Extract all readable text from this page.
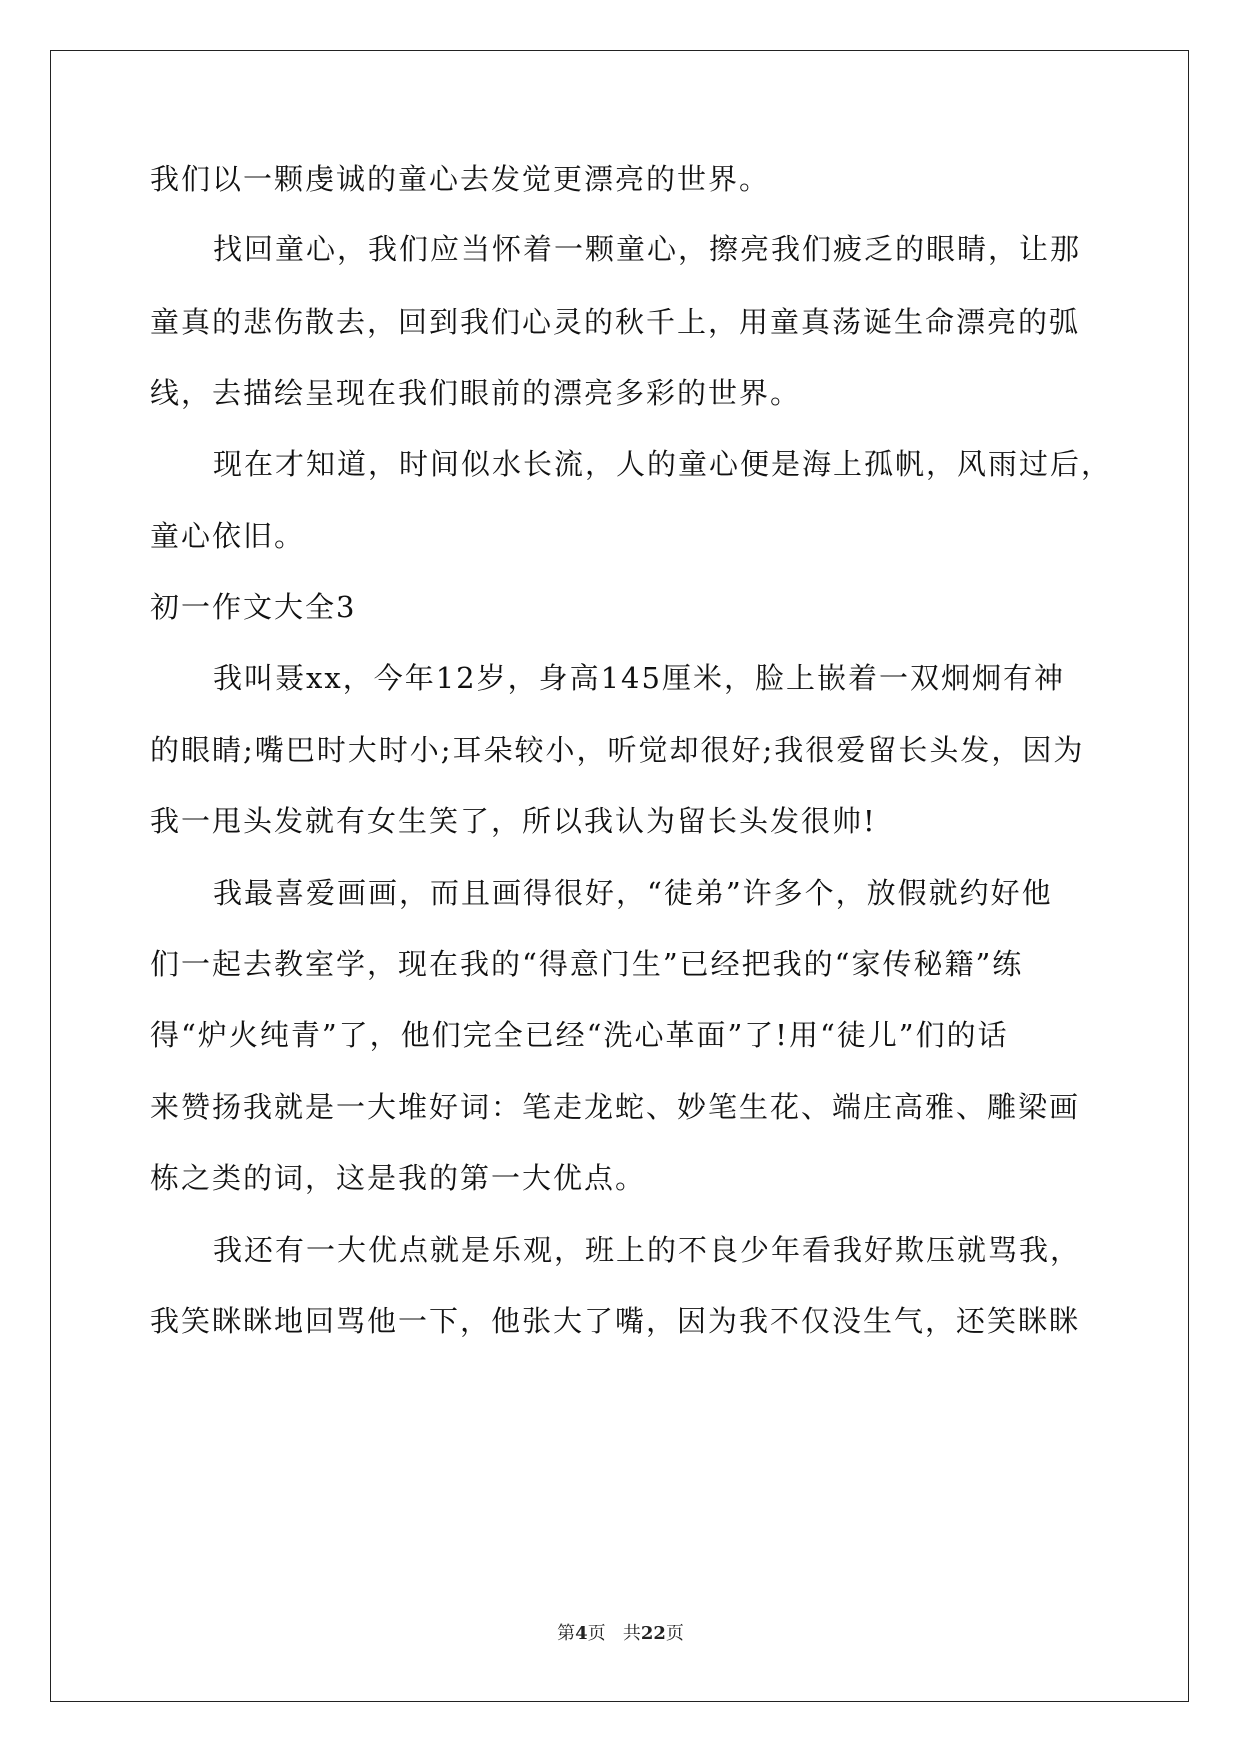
我们以一颗虔诚的童心去发觉更漂亮的世界。
找回童心，我们应当怀着一颗童心，擦亮我们疲乏的眼睛，让那
童真的悲伤散去，回到我们心灵的秋千上，用童真荡诞生命漂亮的弧
线，去描绘呈现在我们眼前的漂亮多彩的世界。
现在才知道，时间似水长流，人的童心便是海上孤帆，风雨过后，
童心依旧。
初一作文大全3
我叫聂xx，今年12岁，身高145厘米，脸上嵌着一双炯炯有神
的眼睛;嘴巴时大时小;耳朵较小，听觉却很好;我很爱留长头发，因为
我一甩头发就有女生笑了，所以我认为留长头发很帅!
我最喜爱画画，而且画得很好，“徒弟”许多个，放假就约好他
们一起去教室学，现在我的“得意门生”已经把我的“家传秘籍”练
得“炉火纯青”了，他们完全已经“洗心革面”了!用“徒儿”们的话
来赞扬我就是一大堆好词：笔走龙蛇、妙笔生花、端庄高雅、雕梁画
栋之类的词，这是我的第一大优点。
我还有一大优点就是乐观，班上的不良少年看我好欺压就骂我，
我笑眯眯地回骂他一下，他张大了嘴，因为我不仅没生气，还笑眯眯
第4页 共22页
